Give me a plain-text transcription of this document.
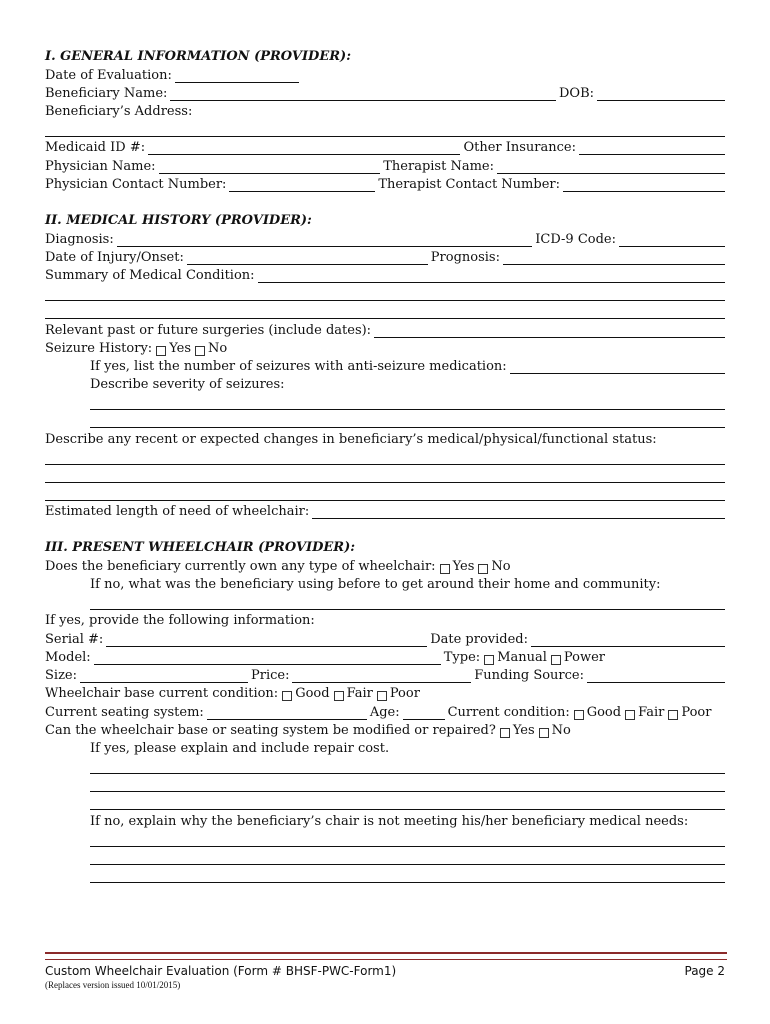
I. GENERAL INFORMATION (PROVIDER):
Date of Evaluation:
Beneficiary Name:	DOB:
Beneficiary’s Address:
Medicaid ID #:	Other Insurance:
Physician Name:	Therapist Name:
Physician Contact Number:	Therapist Contact Number:
II. MEDICAL HISTORY (PROVIDER):
Diagnosis:	ICD-9 Code:
Date of Injury/Onset:	Prognosis:
Summary of Medical Condition:
Relevant past or future surgeries (include dates):
Seizure History: Yes No
If yes, list the number of seizures with anti-seizure medication:
Describe severity of seizures:
Describe any recent or expected changes in beneficiary’s medical/physical/functional status:
Estimated length of need of wheelchair:
III. PRESENT WHEELCHAIR (PROVIDER):
Does the beneficiary currently own any type of wheelchair: Yes No
If no, what was the beneficiary using before to get around their home and community:
If yes, provide the following information:
Serial #:	Date provided:
Model:	Type: Manual Power
Size:	Price:	Funding Source:
Wheelchair base current condition: Good Fair Poor
Current seating system:	Age:	Current condition: Good Fair Poor
Can the wheelchair base or seating system be modified or repaired? Yes No
If yes, please explain and include repair cost.
If no, explain why the beneficiary’s chair is not meeting his/her beneficiary medical needs:
Custom Wheelchair Evaluation (Form # BHSF-PWC-Form1)	Page 2
(Replaces version issued 10/01/2015)
